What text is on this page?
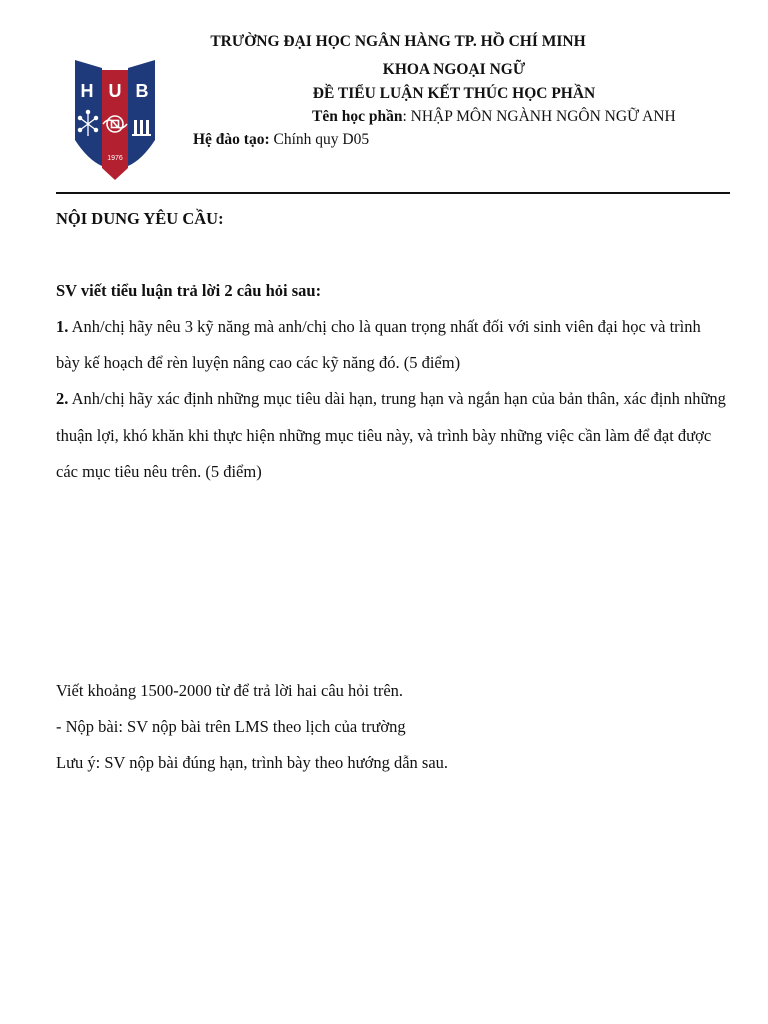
H U B
1976
TRƯỜNG ĐẠI HỌC NGÂN HÀNG TP. HỒ CHÍ MINH
KHOA NGOẠI NGỮ
ĐỀ TIỂU LUẬN KẾT THÚC HỌC PHẦN
Tên học phần: NHẬP MÔN NGÀNH NGÔN NGỮ ANH
Hệ đào tạo: Chính quy D05
NỘI DUNG YÊU CẦU:
SV viết tiểu luận trả lời 2 câu hỏi sau:
1. Anh/chị hãy nêu 3 kỹ năng mà anh/chị cho là quan trọng nhất đối với sinh viên đại học và trình
bày kế hoạch để rèn luyện nâng cao các kỹ năng đó. (5 điểm)
2. Anh/chị hãy xác định những mục tiêu dài hạn, trung hạn và ngắn hạn của bản thân, xác định những
thuận lợi, khó khăn khi thực hiện những mục tiêu này, và trình bày những việc cần làm để đạt được
các mục tiêu nêu trên. (5 điểm)
Viết khoảng 1500-2000 từ để trả lời hai câu hỏi trên.
- Nộp bài: SV nộp bài trên LMS theo lịch của trường
Lưu ý: SV nộp bài đúng hạn, trình bày theo hướng dẫn sau.
